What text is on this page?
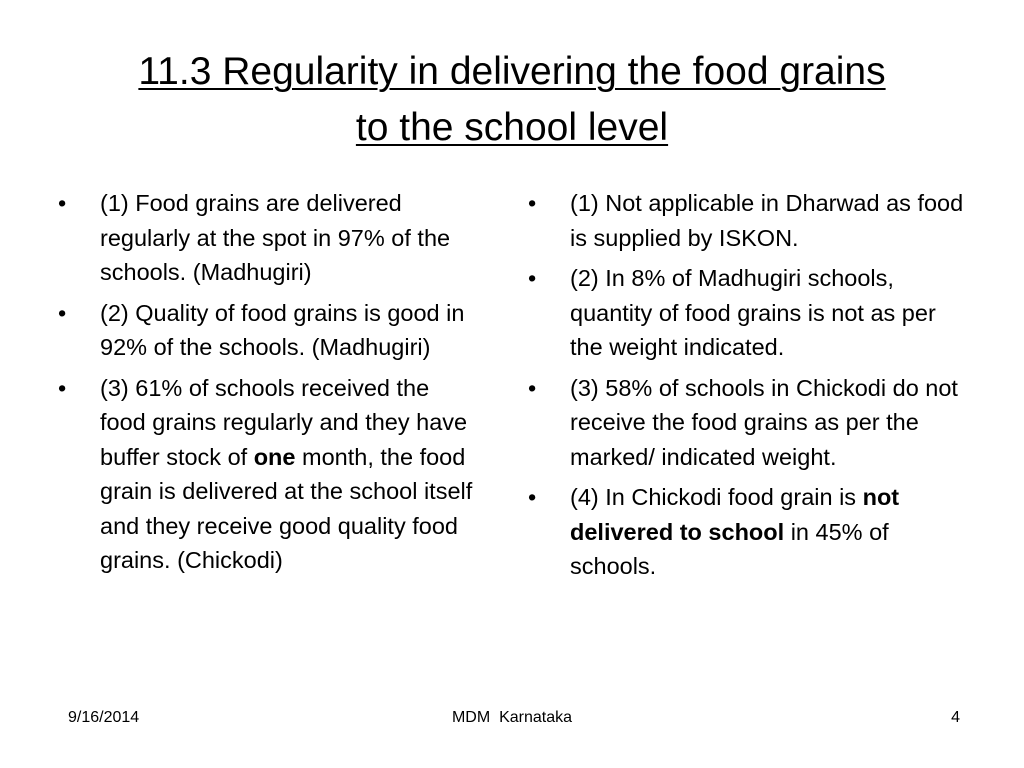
11.3 Regularity in delivering the food grains
to the school level
• (1) Food grains are delivered regularly at the spot in 97% of the schools. (Madhugiri)
• (2) Quality of food grains is good in 92% of the schools. (Madhugiri)
• (3) 61% of schools received the food grains regularly and they have buffer stock of one month, the food grain is delivered at the school itself and they receive good quality food grains. (Chickodi)
• (1) Not applicable in Dharwad as food is supplied by ISKON.
• (2) In 8% of Madhugiri schools, quantity of food grains is not as per the weight indicated.
• (3) 58% of schools in Chickodi do not receive the food grains as per the marked/ indicated weight.
• (4) In Chickodi food grain is not delivered to school in 45% of schools.
9/16/2014	MDM  Karnataka	4
